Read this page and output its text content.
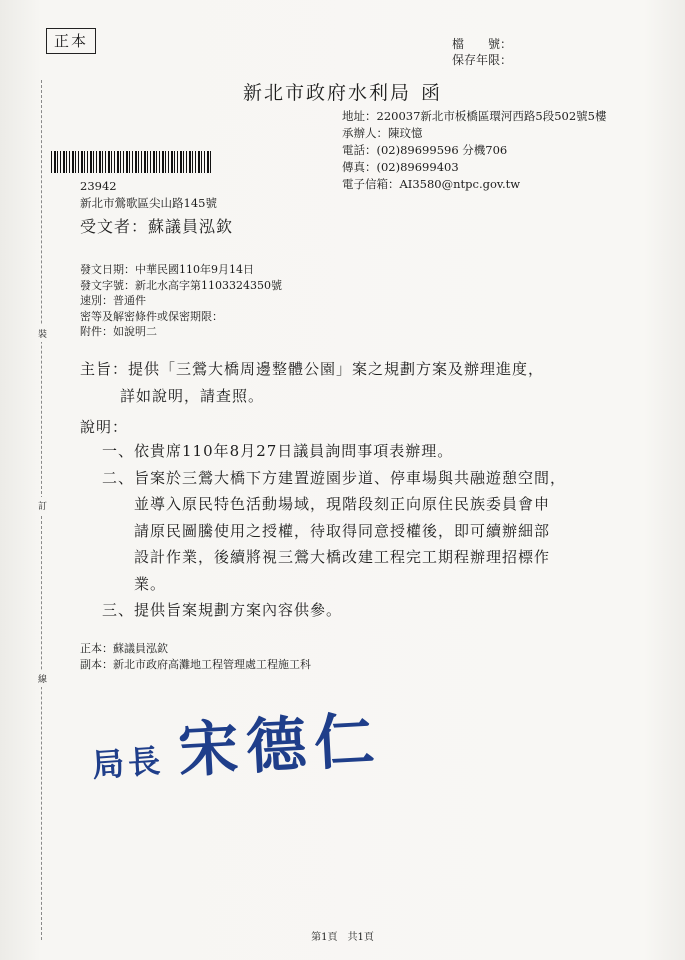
裝
訂
線
正本	檔　　號：
保存年限：
新北市政府水利局 函
地址： 220037新北市板橋區環河西路5段502號5樓
承辦人： 陳玟憶
電話： (02)89699596 分機706
傳真： (02)89699403
電子信箱： AI3580@ntpc.gov.tw
23942
新北市鶯歌區尖山路145號
受文者：蘇議員泓欽
發文日期：中華民國110年9月14日
發文字號：新北水高字第1103324350號
速別：普通件
密等及解密條件或保密期限：
附件：如說明二
主旨：提供「三鶯大橋周邊整體公園」案之規劃方案及辦理進度，
詳如說明，請查照。
說明：
一、 依貴席110年8月27日議員詢問事項表辦理。
二、 旨案於三鶯大橋下方建置遊園步道、停車場與共融遊憩空間，
並導入原民特色活動場域，現階段刻正向原住民族委員會申
請原民圖騰使用之授權，待取得同意授權後，即可續辦細部
設計作業，後續將視三鶯大橋改建工程完工期程辦理招標作
業。
三、 提供旨案規劃方案內容供參。
正本：蘇議員泓欽
副本：新北市政府高灘地工程管理處工程施工科
局長 宋德仁
第1頁　共1頁
